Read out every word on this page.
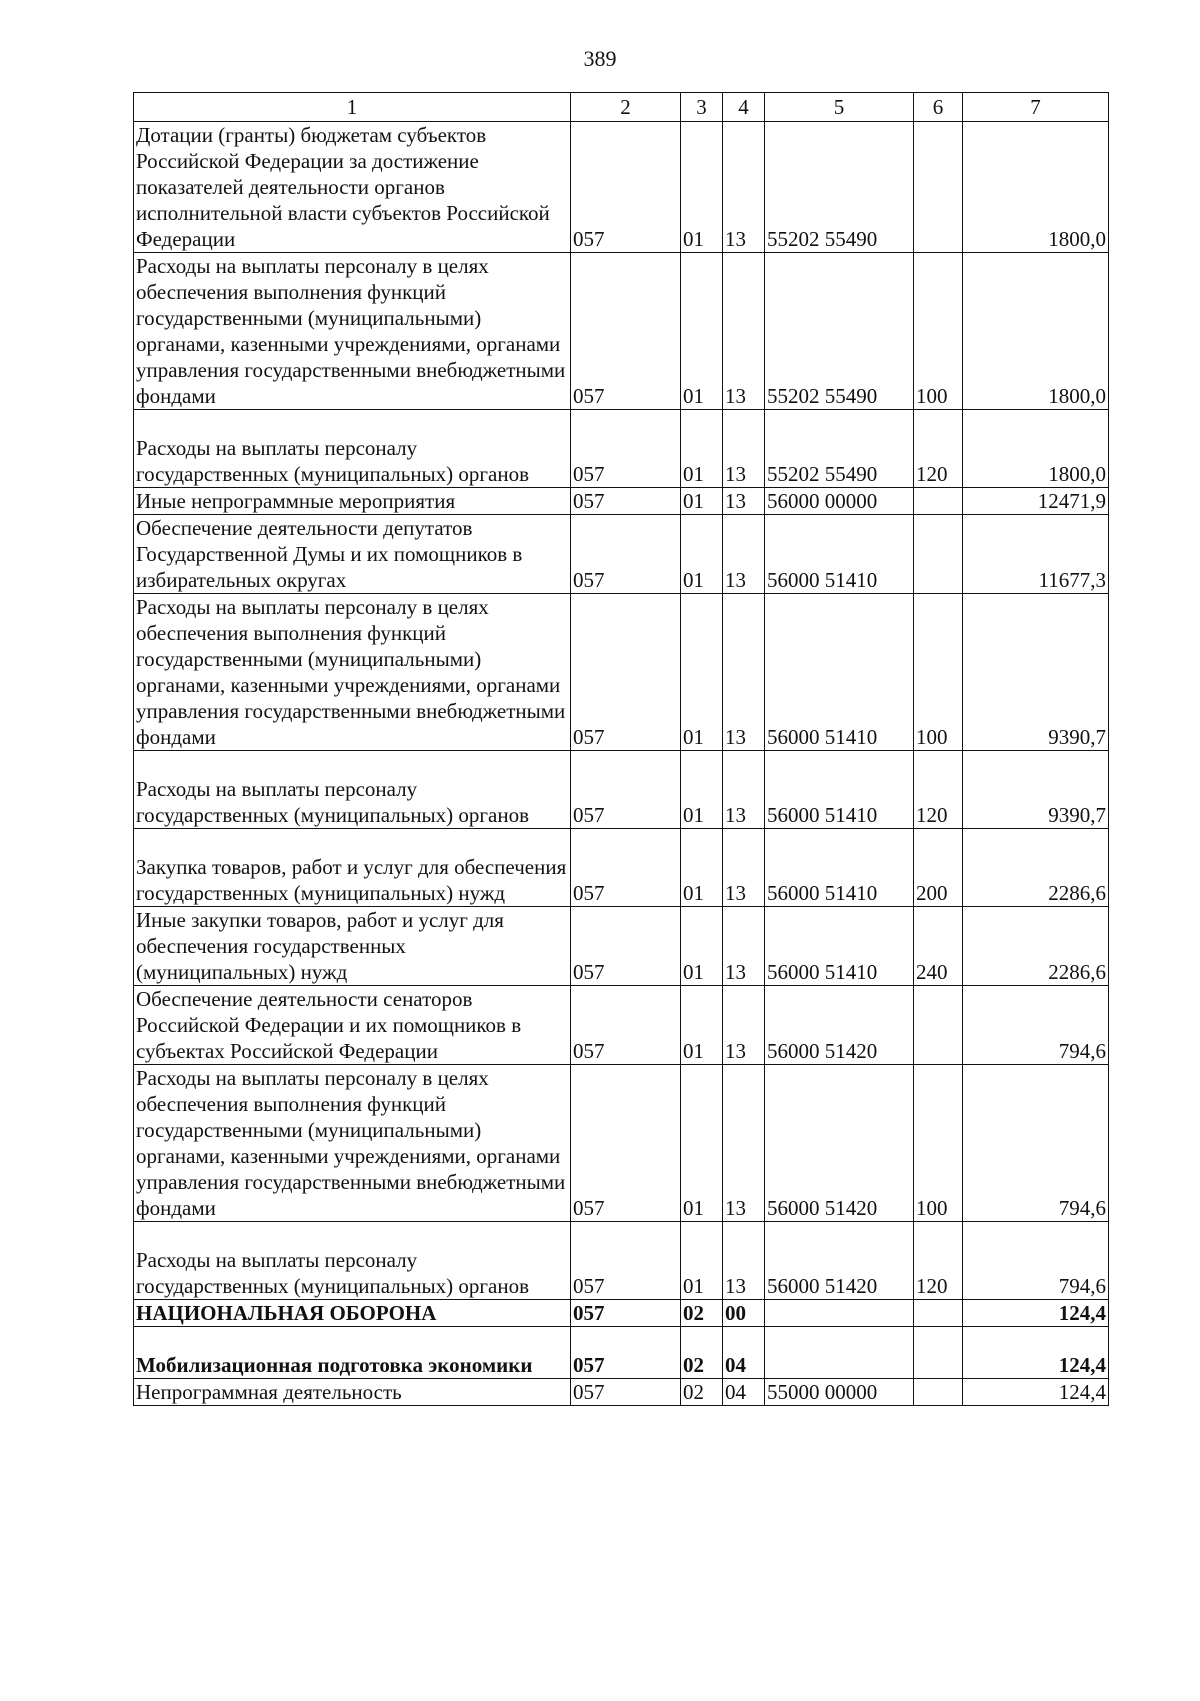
389
1	2	3	4	5	6	7
Дотации (гранты) бюджетам субъектов Российской Федерации за достижение показателей деятельности органов исполнительной власти субъектов Российской Федерации	057	01	13	55202 55490		1800,0
Расходы на выплаты персоналу в целях обеспечения выполнения функций государственными (муниципальными) органами, казенными учреждениями, органами управления государственными внебюджетными фондами	057	01	13	55202 55490	100	1800,0
Расходы на выплаты персоналу государственных (муниципальных) органов	057	01	13	55202 55490	120	1800,0
Иные непрограммные мероприятия	057	01	13	56000 00000		12471,9
Обеспечение деятельности депутатов Государственной Думы и их помощников в избирательных округах	057	01	13	56000 51410		11677,3
Расходы на выплаты персоналу в целях обеспечения выполнения функций государственными (муниципальными) органами, казенными учреждениями, органами управления государственными внебюджетными фондами	057	01	13	56000 51410	100	9390,7
Расходы на выплаты персоналу государственных (муниципальных) органов	057	01	13	56000 51410	120	9390,7
Закупка товаров, работ и услуг для обеспечения государственных (муниципальных) нужд	057	01	13	56000 51410	200	2286,6
Иные закупки товаров, работ и услуг для обеспечения государственных (муниципальных) нужд	057	01	13	56000 51410	240	2286,6
Обеспечение деятельности сенаторов Российской Федерации и их помощников в субъектах Российской Федерации	057	01	13	56000 51420		794,6
Расходы на выплаты персоналу в целях обеспечения выполнения функций государственными (муниципальными) органами, казенными учреждениями, органами управления государственными внебюджетными фондами	057	01	13	56000 51420	100	794,6
Расходы на выплаты персоналу государственных (муниципальных) органов	057	01	13	56000 51420	120	794,6
НАЦИОНАЛЬНАЯ ОБОРОНА	057	02	00			124,4
Мобилизационная подготовка экономики	057	02	04			124,4
Непрограммная деятельность	057	02	04	55000 00000		124,4
